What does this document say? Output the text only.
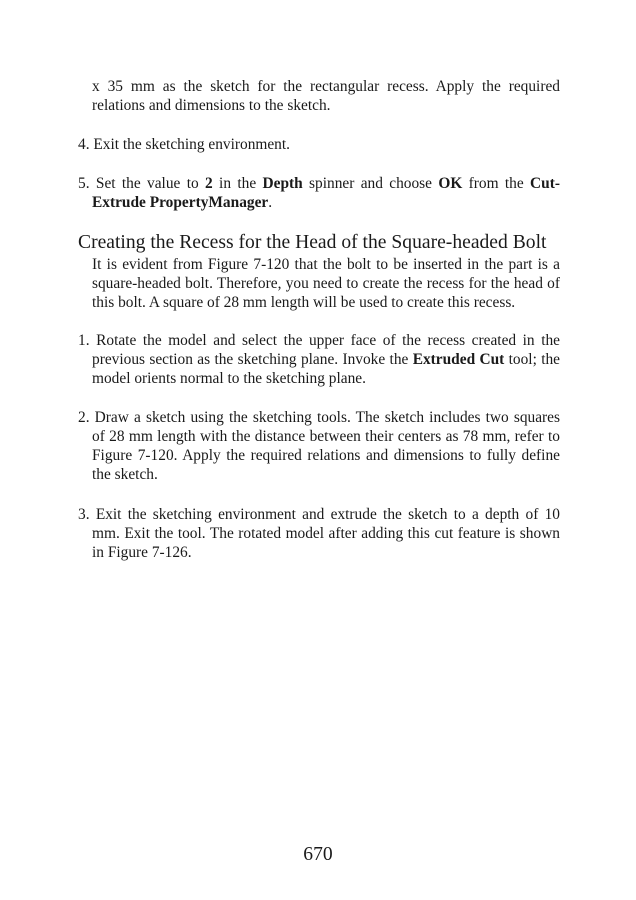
x 35 mm as the sketch for the rectangular recess. Apply the required relations and dimensions to the sketch.
4. Exit the sketching environment.
5. Set the value to 2 in the Depth spinner and choose OK from the Cut-Extrude PropertyManager.
Creating the Recess for the Head of the Square-headed Bolt
It is evident from Figure 7-120 that the bolt to be inserted in the part is a square-headed bolt. Therefore, you need to create the recess for the head of this bolt. A square of 28 mm length will be used to create this recess.
1. Rotate the model and select the upper face of the recess created in the previous section as the sketching plane. Invoke the Extruded Cut tool; the model orients normal to the sketching plane.
2. Draw a sketch using the sketching tools. The sketch includes two squares of 28 mm length with the distance between their centers as 78 mm, refer to Figure 7-120. Apply the required relations and dimensions to fully define the sketch.
3. Exit the sketching environment and extrude the sketch to a depth of 10 mm. Exit the tool. The rotated model after adding this cut feature is shown in Figure 7-126.
670
